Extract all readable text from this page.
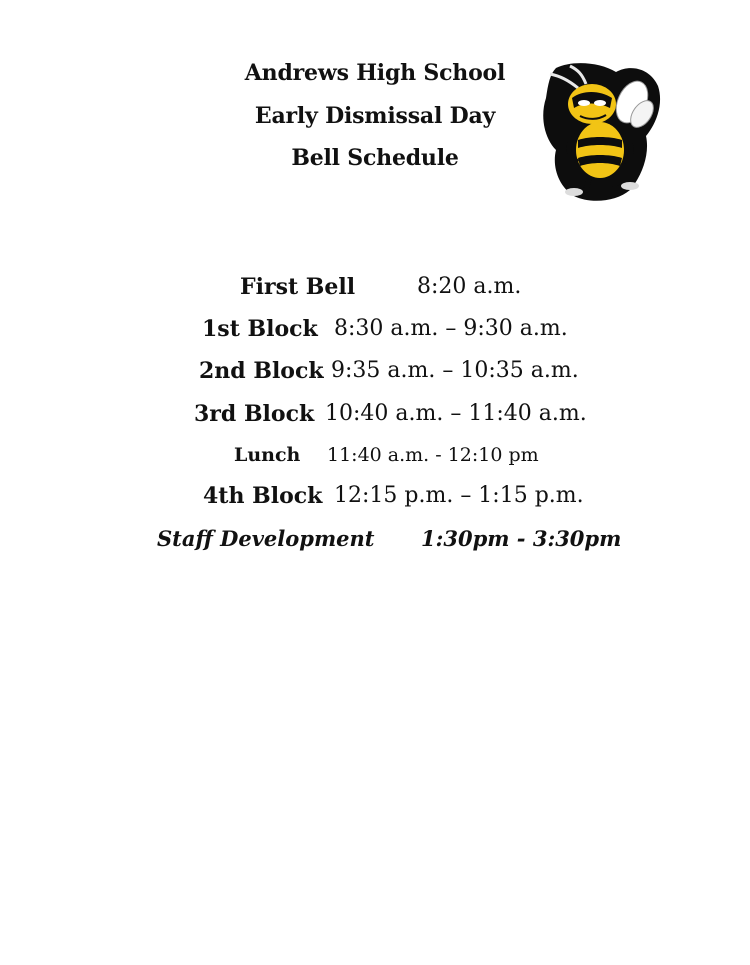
Andrews High School
Early Dismissal Day
Bell Schedule
First Bell	8:20 a.m.
1st Block 8:30 a.m. – 9:30 a.m.
2nd Block 9:35 a.m. – 10:35 a.m.
3rd Block 10:40 a.m. – 11:40 a.m.
Lunch 11:40 a.m. - 12:10 pm
4th Block 12:15 p.m. – 1:15 p.m.
Staff Development 1:30pm - 3:30pm
